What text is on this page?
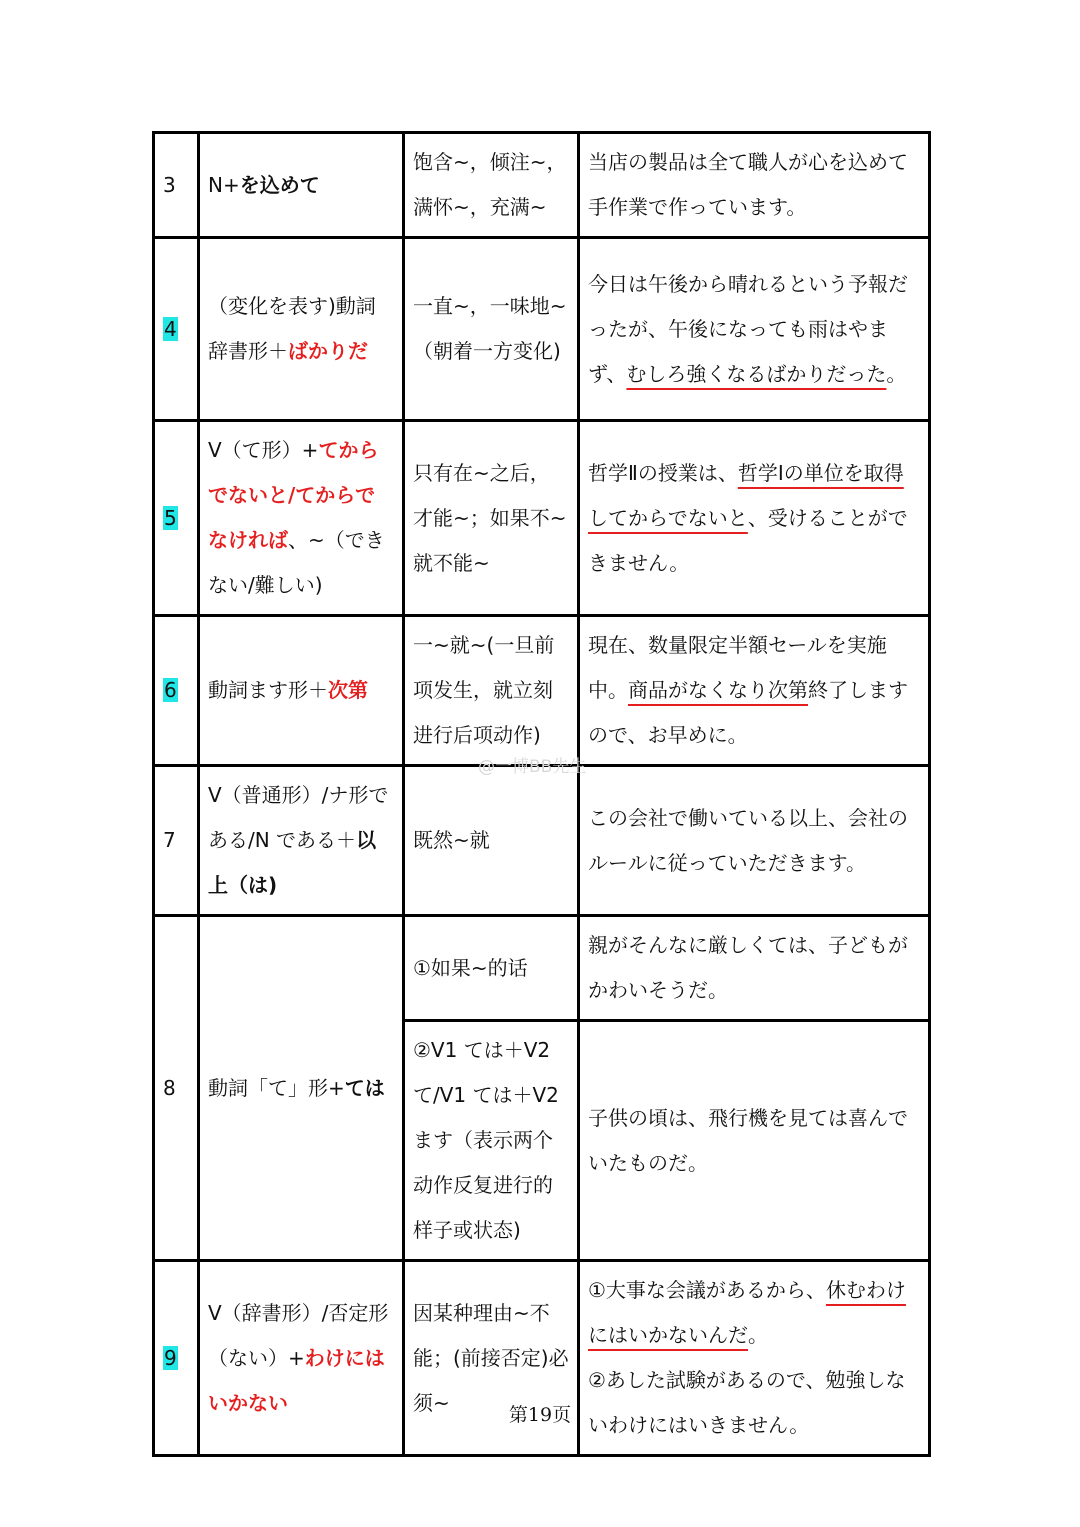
3	N+を込めて	饱含~，倾注~，满怀~，充满~	当店の製品は全て職人が心を込めて手作業で作っています。

4	（変化を表す)動詞辞書形＋ばかりだ	一直~，一味地~（朝着一方变化)	今日は午後から晴れるという予報だったが、午後になっても雨はやまず、むしろ強くなるばかりだった。

5	V（て形）+てからでないと/てからでなければ、~（できない/難しい)	只有在~之后，才能~；如果不~就不能~	哲学Ⅱの授業は、哲学Ⅰの単位を取得してからでないと、受けることができません。

6	動詞ます形＋次第	一~就~(一旦前项发生，就立刻进行后项动作)	現在、数量限定半額セールを実施中。商品がなくなり次第終了しますので、お早めに。

7	V（普通形）/ナ形である/N である＋以上（は)	既然~就	この会社で働いている以上、会社のルールに従っていただきます。

8	動詞「て」形+ては	①如果~的话	親がそんなに厳しくては、子どもがかわいそうだ。
		②V1 ては＋V2 て/V1 ては＋V2 ます（表示两个动作反复进行的样子或状态)	子供の頃は、飛行機を見ては喜んでいたものだ。
9	V（辞書形）/否定形（ない）+わけにはいかない	因某种理由~不能；(前接否定)必须~	①大事な会議があるから、休むわけにはいかないんだ。
②あした試験があるので、勉強しないわけにはいきません。
@一博BB先生
第19页
